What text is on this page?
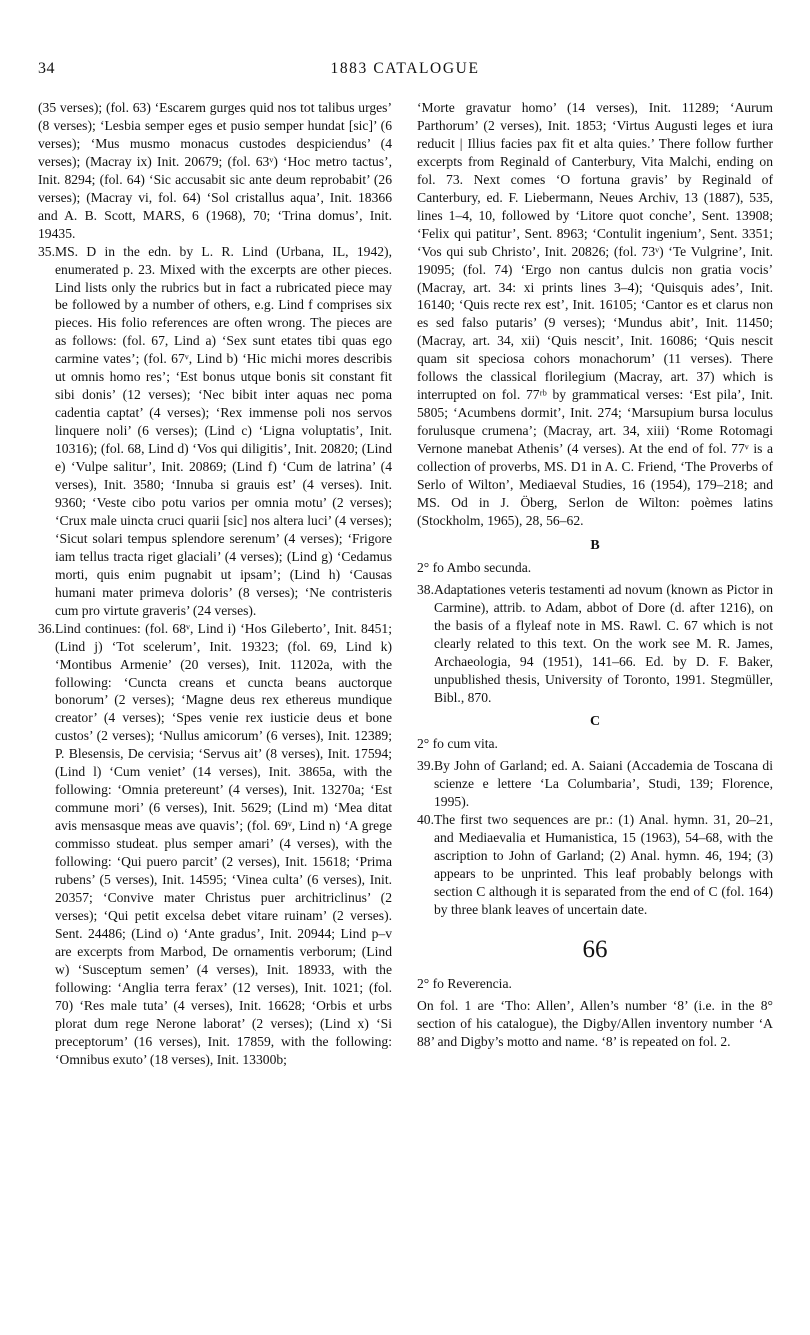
34	1883 CATALOGUE

(35 verses); (fol. 63) ‘Escarem gurges quid nos tot talibus urges’ (8 verses); ‘Lesbia semper eges et pusio semper hundat [sic]’ (6 verses); ‘Mus musmo monacus custodes despiciendus’ (4 verses); (Macray ix) Init. 20679; (fol. 63ᵛ) ‘Hoc metro tactus’, Init. 8294; (fol. 64) ‘Sic accusabit sic ante deum reprobabit’ (26 verses); (Macray vi, fol. 64) ‘Sol cristallus aqua’, Init. 18366 and A. B. Scott, MARS, 6 (1968), 70; ‘Trina domus’, Init. 19435.

35.MS. D in the edn. by L. R. Lind (Urbana, IL, 1942), enumerated p. 23. Mixed with the excerpts are other pieces. Lind lists only the rubrics but in fact a rubricated piece may be followed by a number of others, e.g. Lind f comprises six pieces. His folio references are often wrong. The pieces are as follows: (fol. 67, Lind a) ‘Sex sunt etates tibi quas ego carmine vates’; (fol. 67ᵛ, Lind b) ‘Hic michi mores describis ut omnis homo res’; ‘Est bonus utque bonis sit constant fit sibi donis’ (12 verses); ‘Nec bibit inter aquas nec poma cadentia captat’ (4 verses); ‘Rex immense poli nos servos linquere noli’ (6 verses); (Lind c) ‘Ligna voluptatis’, Init. 10316); (fol. 68, Lind d) ‘Vos qui diligitis’, Init. 20820; (Lind e) ‘Vulpe salitur’, Init. 20869; (Lind f) ‘Cum de latrina’ (4 verses), Init. 3580; ‘Innuba si grauis est’ (4 verses). Init. 9360; ‘Veste cibo potu varios per omnia motu’ (2 verses); ‘Crux male uincta cruci quarii [sic] nos altera luci’ (4 verses); ‘Sicut solari tempus splendore serenum’ (4 verses); ‘Frigore iam tellus tracta riget glaciali’ (4 verses); (Lind g) ‘Cedamus morti, quis enim pugnabit ut ipsam’; (Lind h) ‘Causas humani mater primeva doloris’ (8 verses); ‘Ne contristeris cum pro virtute graveris’ (24 verses).

36.Lind continues: (fol. 68ᵛ, Lind i) ‘Hos Gileberto’, Init. 8451; (Lind j) ‘Tot scelerum’, Init. 19323; (fol. 69, Lind k) ‘Montibus Armenie’ (20 verses), Init. 11202a, with the following: ‘Cuncta creans et cuncta beans auctorque bonorum’ (2 verses); ‘Magne deus rex ethereus mundique creator’ (4 verses); ‘Spes venie rex iusticie deus et bone custos’ (2 verses); ‘Nullus amicorum’ (6 verses), Init. 12389; P. Blesensis, De cervisia; ‘Servus ait’ (8 verses), Init. 17594; (Lind l) ‘Cum veniet’ (14 verses), Init. 3865a, with the following: ‘Omnia pretereunt’ (4 verses), Init. 13270a; ‘Est commune mori’ (6 verses), Init. 5629; (Lind m) ‘Mea ditat avis mensasque meas ave quavis’; (fol. 69ᵛ, Lind n) ‘A grege commisso studeat. plus semper amari’ (4 verses), with the following: ‘Qui puero parcit’ (2 verses), Init. 15618; ‘Prima rubens’ (5 verses), Init. 14595; ‘Vinea culta’ (6 verses), Init. 20357; ‘Convive mater Christus puer architriclinus’ (2 verses); ‘Qui petit excelsa debet vitare ruinam’ (2 verses). Sent. 24486; (Lind o) ‘Ante gradus’, Init. 20944; Lind p–v are excerpts from Marbod, De ornamentis verborum; (Lind w) ‘Susceptum semen’ (4 verses), Init. 18933, with the following: ‘Anglia terra ferax’ (12 verses), Init. 1021; (fol. 70) ‘Res male tuta’ (4 verses), Init. 16628; ‘Orbis et urbs plorat dum rege Nerone laborat’ (2 verses); (Lind x) ‘Si preceptorum’ (16 verses), Init. 17859, with the following: ‘Omnibus exuto’ (18 verses), Init. 13300b;

‘Morte gravatur homo’ (14 verses), Init. 11289; ‘Aurum Parthorum’ (2 verses), Init. 1853; ‘Virtus Augusti leges et iura reducit | Illius facies pax fit et alta quies.’ There follow further excerpts from Reginald of Canterbury, Vita Malchi, ending on fol. 73. Next comes ‘O fortuna gravis’ by Reginald of Canterbury, ed. F. Liebermann, Neues Archiv, 13 (1887), 535, lines 1–4, 10, followed by ‘Litore quot conche’, Sent. 13908; ‘Felix qui patitur’, Sent. 8963; ‘Contulit ingenium’, Sent. 3351; ‘Vos qui sub Christo’, Init. 20826; (fol. 73ᵛ) ‘Te Vulgrine’, Init. 19095; (fol. 74) ‘Ergo non cantus dulcis non gratia vocis’ (Macray, art. 34: xi prints lines 3–4); ‘Quisquis ades’, Init. 16140; ‘Quis recte rex est’, Init. 16105; ‘Cantor es et clarus non es sed falso putaris’ (9 verses); ‘Mundus abit’, Init. 11450; (Macray, art. 34, xii) ‘Quis nescit’, Init. 16086; ‘Quis nescit quam sit speciosa cohors monachorum’ (11 verses). There follows the classical florilegium (Macray, art. 37) which is interrupted on fol. 77ʳᵇ by grammatical verses: ‘Est pila’, Init. 5805; ‘Acumbens dormit’, Init. 274; ‘Marsupium bursa loculus forulusque crumena’; (Macray, art. 34, xiii) ‘Rome Rotomagi Vernone manebat Athenis’ (4 verses). At the end of fol. 77ᵛ is a collection of proverbs, MS. D1 in A. C. Friend, ‘The Proverbs of Serlo of Wilton’, Mediaeval Studies, 16 (1954), 179–218; and MS. Od in J. Öberg, Serlon de Wilton: poèmes latins (Stockholm, 1965), 28, 56–62.

B

2° fo Ambo secunda.

38.Adaptationes veteris testamenti ad novum (known as Pictor in Carmine), attrib. to Adam, abbot of Dore (d. after 1216), on the basis of a flyleaf note in MS. Rawl. C. 67 which is not clearly related to this text. On the work see M. R. James, Archaeologia, 94 (1951), 141–66. Ed. by D. F. Baker, unpublished thesis, University of Toronto, 1991. Stegmüller, Bibl., 870.

C

2° fo cum vita.

39.By John of Garland; ed. A. Saiani (Accademia de Toscana di scienze e lettere ‘La Columbaria’, Studi, 139; Florence, 1995).

40.The first two sequences are pr.: (1) Anal. hymn. 31, 20–21, and Mediaevalia et Humanistica, 15 (1963), 54–68, with the ascription to John of Garland; (2) Anal. hymn. 46, 194; (3) appears to be unprinted. This leaf probably belongs with section C although it is separated from the end of C (fol. 164) by three blank leaves of uncertain date.

66

2° fo Reverencia.

On fol. 1 are ‘Tho: Allen’, Allen’s number ‘8’ (i.e. in the 8° section of his catalogue), the Digby/Allen inventory number ‘A 88’ and Digby’s motto and name. ‘8’ is repeated on fol. 2.
